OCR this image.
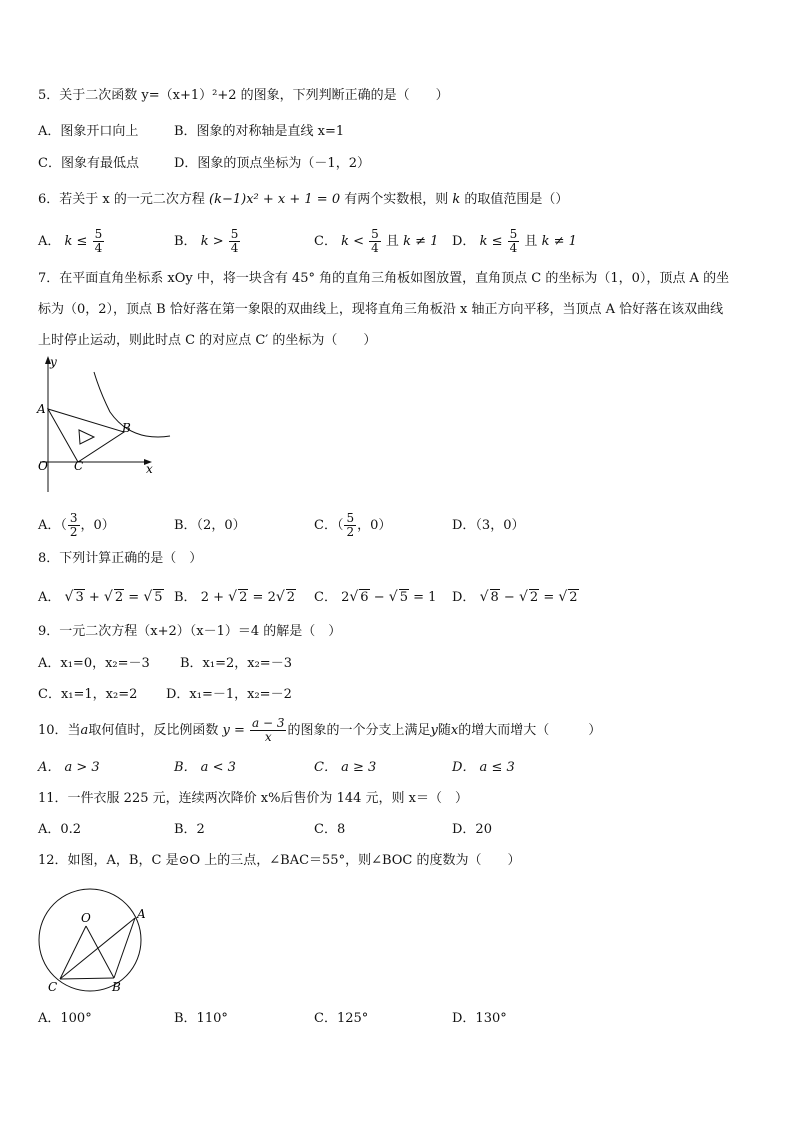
5．关于二次函数 y=（x+1）²+2 的图象，下列判断正确的是（　　）
A．图象开口向上	B．图象的对称轴是直线 x=1
C．图象有最低点	D．图象的顶点坐标为（－1，2）
6．若关于 x 的一元二次方程 (k−1)x² + x + 1 = 0 有两个实数根，则 k 的取值范围是（）
A． $k \le \frac{5}{4}$	B． $k > \frac{5}{4}$	C． $k < \frac{5}{4}$ 且 k ≠ 1 D． $k \le \frac{5}{4}$ 且 k ≠ 1
7．在平面直角坐标系 xOy 中，将一块含有 45° 角的直角三角板如图放置，直角顶点 C 的坐标为（1，0），顶点 A 的坐
标为（0，2），顶点 B 恰好落在第一象限的双曲线上，现将直角三角板沿 x 轴正方向平移，当顶点 A 恰好落在该双曲线
上时停止运动，则此时点 C 的对应点 C′ 的坐标为（　　）
y
A
B
O C	x
A．（ $\frac{3}{2}$ ，0）	B．（2，0）	C．（ $\frac{5}{2}$ ，0）	D．（3，0）
8．下列计算正确的是（　）
A． √ 3 + √ 2 = √ 5 B． 2 + √ 2 = 2√ 2 C． 2√ 6 − √ 5 = 1 D． √ 8 − √ 2 = √ 2
9．一元二次方程（x+2）（x－1）＝4 的解是（　）
A．x₁=0，x₂=－3 B．x₁=2，x₂=－3
C．x₁=1，x₂=2 D．x₁=－1，x₂=－2
10．当a取何值时，反比例函数 $y = \frac{a - 3}{x}$ 的图象的一个分支上满足y随x的增大而增大（　　　）
A． a > 3	B． a < 3	C． a ≥ 3	D． a ≤ 3
11．一件衣服 225 元，连续两次降价 x%后售价为 144 元，则 x＝（　）
A．0.2	B．2	C．8	D．20
12．如图，A，B，C 是⊙O 上的三点，∠BAC＝55°，则∠BOC 的度数为（　　）
O	A
C	B
A．100°	B．110°	C．125°	D．130°
